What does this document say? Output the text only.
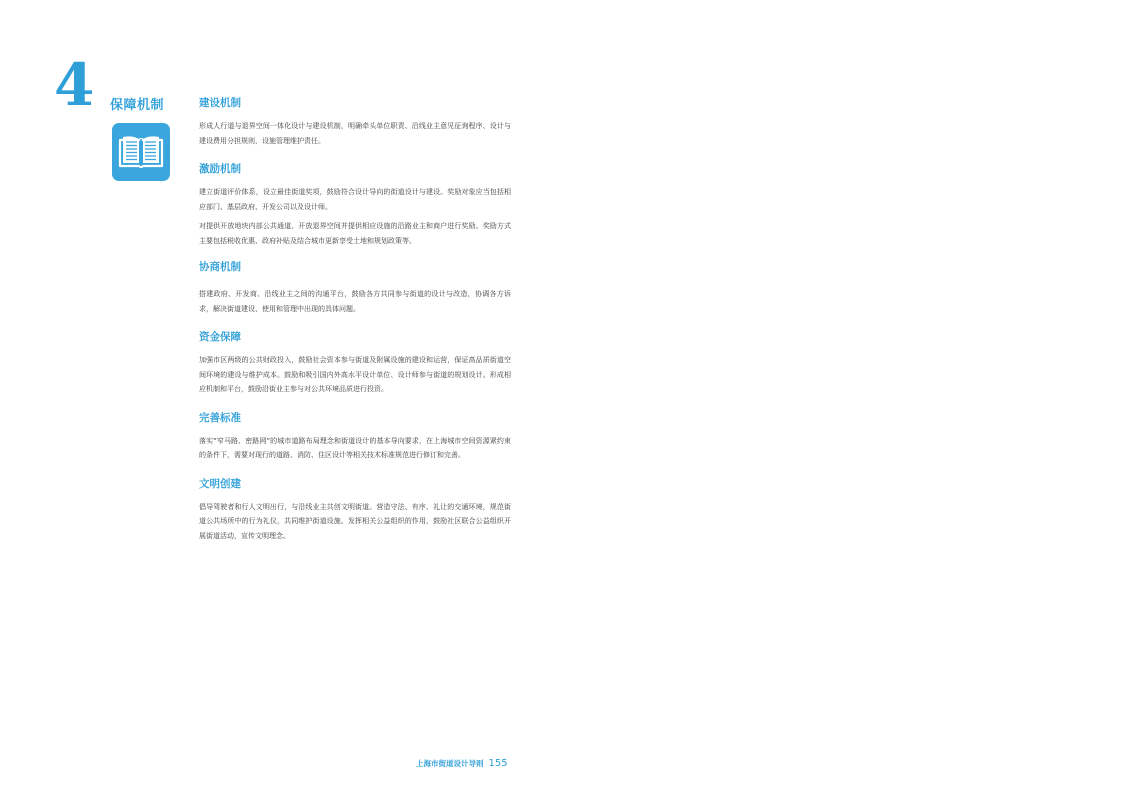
4 保障机制	建设机制

形成人行道与退界空间一体化设计与建设机制，明确牵头单位职责、沿线业主意见征询程序、设计与建设费用分担规则，设施管理维护责任。

激励机制

建立街道评价体系，设立最佳街道奖项，鼓励符合设计导向的街道设计与建设。奖励对象应当包括相应部门、基层政府、开发公司以及设计师。

对提供开放地块内部公共通道、开放退界空间并提供相应设施的沿路业主和商户进行奖励。奖励方式主要包括税收优惠、政府补贴及结合城市更新享受土地和规划政策等。

协商机制

搭建政府、开发商、沿线业主之间的沟通平台，鼓励各方共同参与街道的设计与改造，协调各方诉求，解决街道建设、使用和管理中出现的具体问题。

资金保障

加强市区两级的公共财政投入，鼓励社会资本参与街道及附属设施的建设和运营，保证高品质街道空间环境的建设与维护成本。鼓励和吸引国内外高水平设计单位、设计师参与街道的规划设计。形成相应机制和平台，鼓励沿街业主参与对公共环境品质进行投资。

完善标准

落实“窄马路、密路网”的城市道路布局理念和街道设计的基本导向要求，在上海城市空间资源紧约束的条件下，需要对现行的道路、消防、住区设计等相关技术标准规范进行修订和完善。

文明创建

倡导驾驶者和行人文明出行，与沿线业主共创文明街道。营造守法、有序、礼让的交通环境，规范街道公共场所中的行为礼仪，共同维护街道设施。发挥相关公益组织的作用，鼓励社区联合公益组织开展街道活动，宣传文明理念。

上海市街道设计导则 155
